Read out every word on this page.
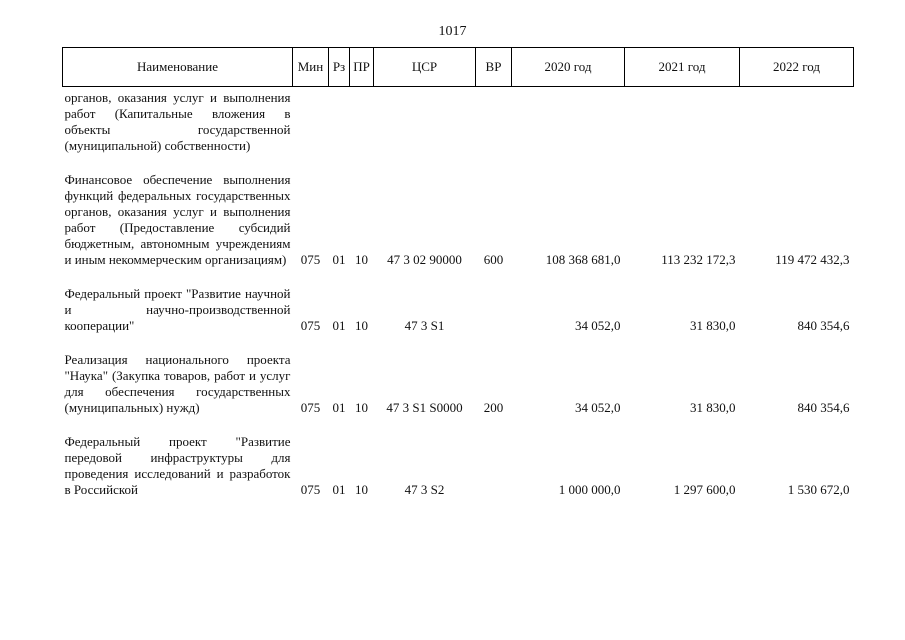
1017
Наименование	Мин	Рз	ПР	ЦСР	ВР	2020 год	2021 год	2022 год
органов, оказания услуг и выполнения работ (Капитальные вложения в объекты государственной (муниципальной) собственности)								

Финансовое обеспечение выполнения функций федеральных государственных органов, оказания услуг и выполнения работ (Предоставление субсидий бюджетным, автономным учреждениям и иным некоммерческим организациям)	075	01	10	47 3 02 90000	600	108 368 681,0	113 232 172,3	119 472 432,3

Федеральный проект "Развитие научной и научно-производственной кооперации"	075	01	10	47 3 S1		34 052,0	31 830,0	840 354,6

Реализация национального проекта "Наука" (Закупка товаров, работ и услуг для обеспечения государственных (муниципальных) нужд)	075	01	10	47 3 S1 S0000	200	34 052,0	31 830,0	840 354,6

Федеральный проект "Развитие передовой инфраструктуры для проведения исследований и разработок в Российской	075	01	10	47 3 S2		1 000 000,0	1 297 600,0	1 530 672,0
